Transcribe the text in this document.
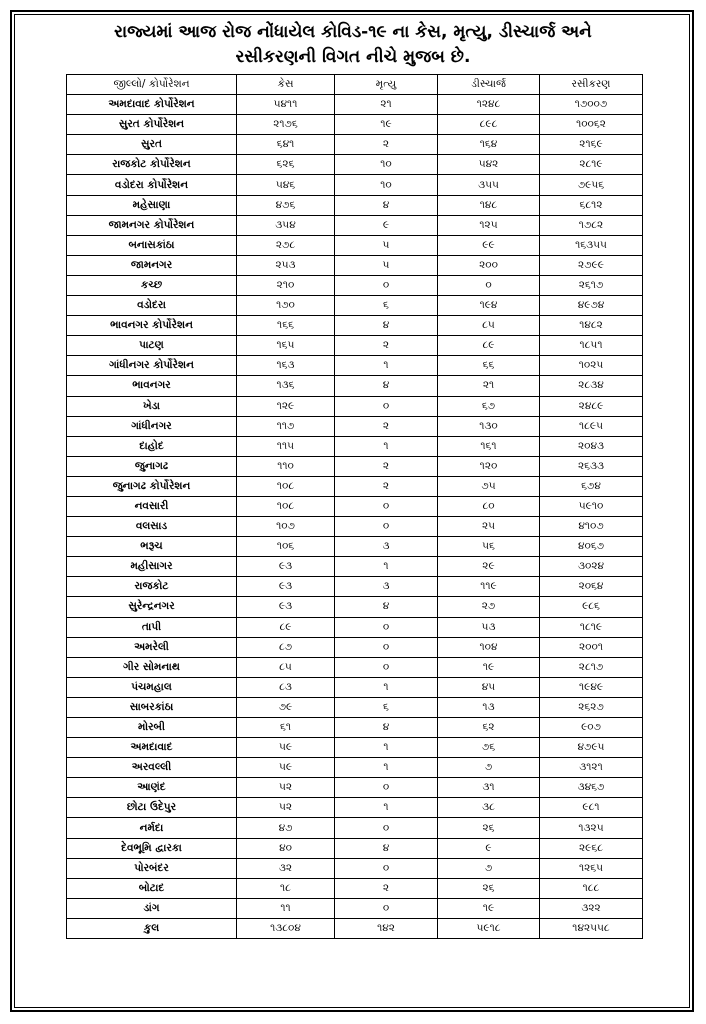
રાજ્યમાં આજ રોજ નોંધાયેલ કોવિડ-૧૯ ના કેસ, મૃત્યુ, ડીસ્ચાર્જ અને
રસીકરણની વિગત નીચે મુજબ છે.
જીલ્લો/ કોર્પોરેશન	કેસ	મૃત્યુ	ડીસ્ચાર્જ	રસીકરણ
અમદાવાદ કોર્પોરેશન	૫૪૧૧	૨૧	૧૨૪૮	૧૭૦૦૭
સુરત કોર્પોરેશન	૨૧૭૬	૧૯	૮૯૮	૧૦૦૬૨
સુરત	૬૪૧	૨	૧૬૪	૨૧૬૯
રાજકોટ કોર્પોરેશન	૬૨૬	૧૦	૫૪૨	૨૮૧૯
વડોદરા કોર્પોરેશન	૫૪૬	૧૦	૩૫૫	૭૯૫૬
મહેસાણા	૪૭૬	૪	૧૪૮	૬૮૧૨
જામનગર કોર્પોરેશન	૩૫૪	૯	૧૨૫	૧૭૮૨
બનાસકાંઠા	૨૭૮	૫	૯૯	૧૬૩૫૫
જામનગર	૨૫૩	૫	૨૦૦	૨૭૯૯
કચ્છ	૨૧૦	૦	૦	૨૬૧૭
વડોદરા	૧૭૦	૬	૧૯૪	૪૯૭૪
ભાવનગર કોર્પોરેશન	૧૬૬	૪	૮૫	૧૪૮૨
પાટણ	૧૬૫	૨	૮૯	૧૮૫૧
ગાંધીનગર કોર્પોરેશન	૧૬૩	૧	૬૬	૧૦૨૫
ભાવનગર	૧૩૬	૪	૨૧	૨૮૩૪
ખેડા	૧૨૯	૦	૬૭	૨૪૮૯
ગાંધીનગર	૧૧૭	૨	૧૩૦	૧૮૯૫
દાહોદ	૧૧૫	૧	૧૬૧	૨૦૪૩
જુનાગઢ	૧૧૦	૨	૧૨૦	૨૬૩૩
જુનાગઢ કોર્પોરેશન	૧૦૮	૨	૭૫	૬૭૪
નવસારી	૧૦૮	૦	૮૦	૫૯૧૦
વલસાડ	૧૦૭	૦	૨૫	૪૧૦૭
ભરૂચ	૧૦૬	૩	૫૬	૪૦૬૭
મહીસાગર	૯૩	૧	૨૯	૩૦૨૪
રાજકોટ	૯૩	૩	૧૧૯	૨૦૬૪
સુરેન્દ્રનગર	૯૩	૪	૨૭	૯૮૬
તાપી	૮૯	૦	૫૩	૧૮૧૯
અમરેલી	૮૭	૦	૧૦૪	૨૦૦૧
ગીર સોમનાથ	૮૫	૦	૧૯	૨૮૧૭
પંચમહાલ	૮૩	૧	૪૫	૧૯૪૯
સાબરકાંઠા	૭૯	૬	૧૩	૨૬૨૭
મોરબી	૬૧	૪	૬૨	૯૦૭
અમદાવાદ	૫૯	૧	૭૬	૪૭૯૫
અરવલ્લી	૫૯	૧	૭	૩૧૨૧
આણંદ	૫૨	૦	૩૧	૩૪૬૭
છોટા ઉદેપુર	૫૨	૧	૩૮	૯૮૧
નર્મદા	૪૭	૦	૨૬	૧૩૨૫
દેવભૂમિ દ્વારકા	૪૦	૪	૯	૨૯૬૮
પોરબંદર	૩૨	૦	૭	૧૨૬૫
બોટાદ	૧૮	૨	૨૬	૧૮૮
ડાંગ	૧૧	૦	૧૯	૩૨૨
કુલ	૧૩૮૦૪	૧૪૨	૫૯૧૮	૧૪૨૫૫૮
